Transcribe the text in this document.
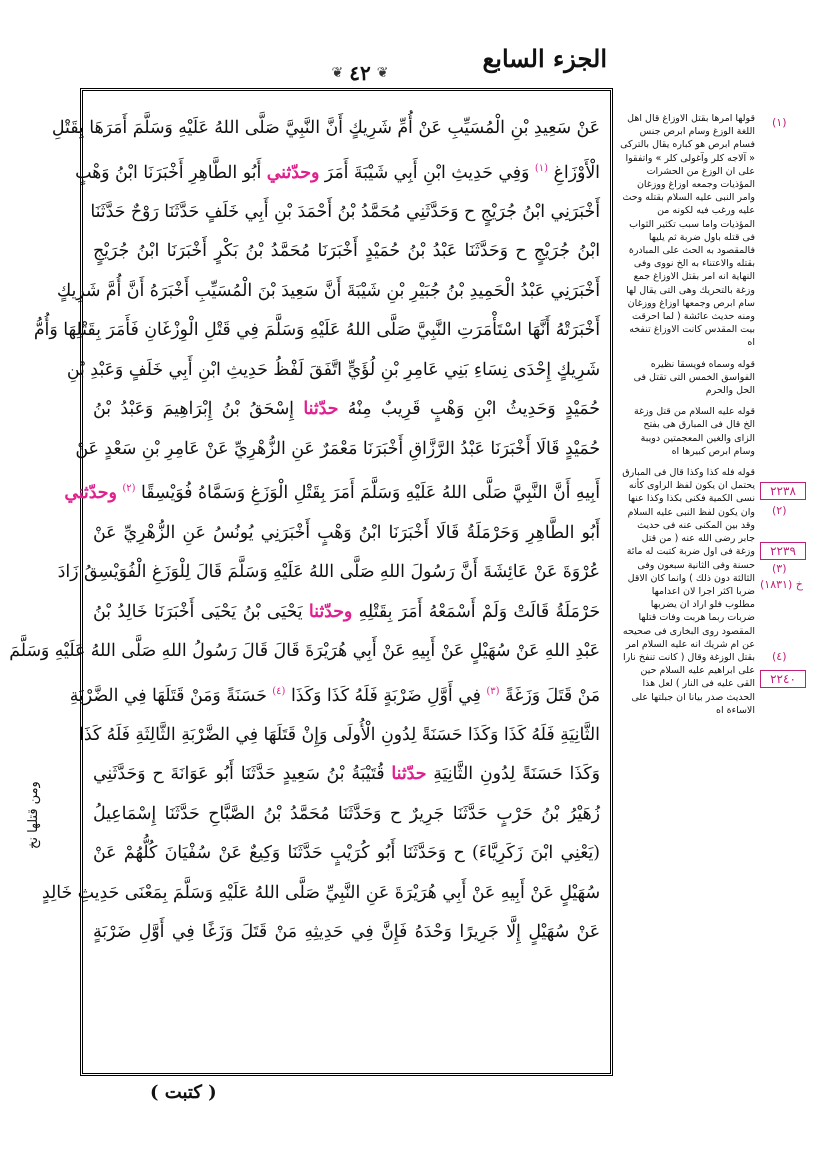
الجزء السابع
❦ ٤٢ ❦
عَنْ سَعِيدِ بْنِ الْمُسَيِّبِ عَنْ أُمِّ شَرِيكٍ أَنَّ النَّبِيَّ صَلَّى اللهُ عَلَيْهِ وَسَلَّمَ أَمَرَهَا بِقَتْلِ
الْأَوْزَاغِ $^{(١)}$ وَفِي حَدِيثِ ابْنِ أَبِي شَيْبَةَ أَمَرَ وحدّثني أَبُو الطَّاهِرِ أَخْبَرَنَا ابْنُ وَهْبٍ
أَخْبَرَنِي ابْنُ جُرَيْجٍ ح وَحَدَّثَنِي مُحَمَّدُ بْنُ أَحْمَدَ بْنِ أَبِي خَلَفٍ حَدَّثَنَا رَوْحٌ حَدَّثَنَا
ابْنُ جُرَيْجٍ ح وَحَدَّثَنَا عَبْدُ بْنُ حُمَيْدٍ أَخْبَرَنَا مُحَمَّدُ بْنُ بَكْرٍ أَخْبَرَنَا ابْنُ جُرَيْجٍ
أَخْبَرَنِي عَبْدُ الْحَمِيدِ بْنُ جُبَيْرِ بْنِ شَيْبَةَ أَنَّ سَعِيدَ بْنَ الْمُسَيِّبِ أَخْبَرَهُ أَنَّ أُمَّ شَرِيكٍ
أَخْبَرَتْهُ أَنَّهَا اسْتَأْمَرَتِ النَّبِيَّ صَلَّى اللهُ عَلَيْهِ وَسَلَّمَ فِي قَتْلِ الْوِزْغَانِ فَأَمَرَ بِقَتْلِهَا وَأُمُّ
شَرِيكٍ إِحْدَى نِسَاءِ بَنِي عَامِرِ بْنِ لُؤَيٍّ اتَّفَقَ لَفْظُ حَدِيثِ ابْنِ أَبِي خَلَفٍ وَعَبْدِ بْنِ
حُمَيْدٍ وَحَدِيثُ ابْنِ وَهْبٍ قَرِيبٌ مِنْهُ حدّثنا إِسْحَقُ بْنُ إِبْرَاهِيمَ وَعَبْدُ بْنُ
حُمَيْدٍ قَالَا أَخْبَرَنَا عَبْدُ الرَّزَّاقِ أَخْبَرَنَا مَعْمَرٌ عَنِ الزُّهْرِيِّ عَنْ عَامِرِ بْنِ سَعْدٍ عَنْ
أَبِيهِ أَنَّ النَّبِيَّ صَلَّى اللهُ عَلَيْهِ وَسَلَّمَ أَمَرَ بِقَتْلِ الْوَزَغِ وَسَمَّاهُ فُوَيْسِقًا $^{(٢)}$ وحدّثني
أَبُو الطَّاهِرِ وَحَرْمَلَةُ قَالَا أَخْبَرَنَا ابْنُ وَهْبٍ أَخْبَرَنِي يُونُسُ عَنِ الزُّهْرِيِّ عَنْ
عُرْوَةَ عَنْ عَائِشَةَ أَنَّ رَسُولَ اللهِ صَلَّى اللهُ عَلَيْهِ وَسَلَّمَ قَالَ لِلْوَزَغِ الْفُوَيْسِقُ زَادَ
حَرْمَلَةُ قَالَتْ وَلَمْ أَسْمَعْهُ أَمَرَ بِقَتْلِهِ وحدّثنا يَحْيَى بْنُ يَحْيَى أَخْبَرَنَا خَالِدُ بْنُ
عَبْدِ اللهِ عَنْ سُهَيْلٍ عَنْ أَبِيهِ عَنْ أَبِي هُرَيْرَةَ قَالَ قَالَ رَسُولُ اللهِ صَلَّى اللهُ عَلَيْهِ وَسَلَّمَ
مَنْ قَتَلَ وَزَغَةً $^{(٣)}$ فِي أَوَّلِ ضَرْبَةٍ فَلَهُ كَذَا وَكَذَا $^{(٤)}$ حَسَنَةً وَمَنْ قَتَلَهَا فِي الضَّرْبَةِ
الثَّانِيَةِ فَلَهُ كَذَا وَكَذَا حَسَنَةً لِدُونِ الْأُولَى وَإِنْ قَتَلَهَا فِي الضَّرْبَةِ الثَّالِثَةِ فَلَهُ كَذَا
وَكَذَا حَسَنَةً لِدُونِ الثَّانِيَةِ حدّثنا قُتَيْبَةُ بْنُ سَعِيدٍ حَدَّثَنَا أَبُو عَوَانَةَ ح وَحَدَّثَنِي
زُهَيْرُ بْنُ حَرْبٍ حَدَّثَنَا جَرِيرٌ ح وَحَدَّثَنَا مُحَمَّدُ بْنُ الصَّبَّاحِ حَدَّثَنَا إِسْمَاعِيلُ
(يَعْنِي ابْنَ زَكَرِيَّاءَ) ح وَحَدَّثَنَا أَبُو كُرَيْبٍ حَدَّثَنَا وَكِيعٌ عَنْ سُفْيَانَ كُلُّهُمْ عَنْ
سُهَيْلٍ عَنْ أَبِيهِ عَنْ أَبِي هُرَيْرَةَ عَنِ النَّبِيِّ صَلَّى اللهُ عَلَيْهِ وَسَلَّمَ بِمَعْنَى حَدِيثِ خَالِدٍ
عَنْ سُهَيْلٍ إِلَّا جَرِيرًا وَحْدَهُ فَإِنَّ فِي حَدِيثِهِ مَنْ قَتَلَ وَزَغًا فِي أَوَّلِ ضَرْبَةٍ
ومن قتلها نخ
( كتبت )
قولها امرها بقتل الاوزاغ قال اهل اللغة الوزغ وسام ابرص جنس فسام ابرص هو كباره يقال بالتركى « آلاجه كلر وآغولى كلر » واتفقوا على ان الوزغ من الحشرات المؤذيات وجمعه اوزاغ ووزغان وامر النبى عليه السلام بقتله وحث عليه ورغب فيه لكونه من المؤذيات واما سبب تكثير الثواب فى قتله باول ضربة ثم يليها فالمقصود به الحث على المبادرة بقتله والاعتناء به الخ نووى وفى النهاية انه امر بقتل الاوزاغ جمع وزغة بالتحريك وهى التى يقال لها سام ابرص وجمعها اوزاغ ووزغان ومنه حديث عائشة ( لما احرقت بيت المقدس كانت الاوزاغ تنفخه اه
قوله وسماه فويسقا نظيره الفواسق الخمس التى تقتل فى الحل والحرم
قوله عليه السلام من قتل وزغة الخ قال فى المبارق هى بفتح الزاى والغين المعجمتين دويبة وسام ابرص كبيرها اه
قوله فله كذا وكذا قال فى المبارق يحتمل ان يكون لفظ الراوى كأنه نسى الكمية فكنى بكذا وكذا عنها وان يكون لفظ النبى عليه السلام وقد بين المكنى عنه فى حديث جابر رضى الله عنه ( من قتل وزغة فى اول ضربة كتبت له مائة حسنة وفى الثانية سبعون وفى الثالثة دون ذلك ) وانما كان الاقل ضربا اكثر اجرا لان اعدامها مطلوب فلو اراد ان يضربها ضربات ربما هربت وفات قتلها المقصود روى البخارى فى صحيحه عن ام شريك انه عليه السلام امر بقتل الوزغة وقال ( كانت تنفخ نارا على ابراهيم عليه السلام حين القى عليه فى النار ) لعل هذا الحديث صدر بيانا ان جبلتها على الاساءة اه
(١)
٢٢٣٨
(٢)
٢٢٣٩
(٣)
خ (١٨٣١)
(٤)
٢٢٤٠
